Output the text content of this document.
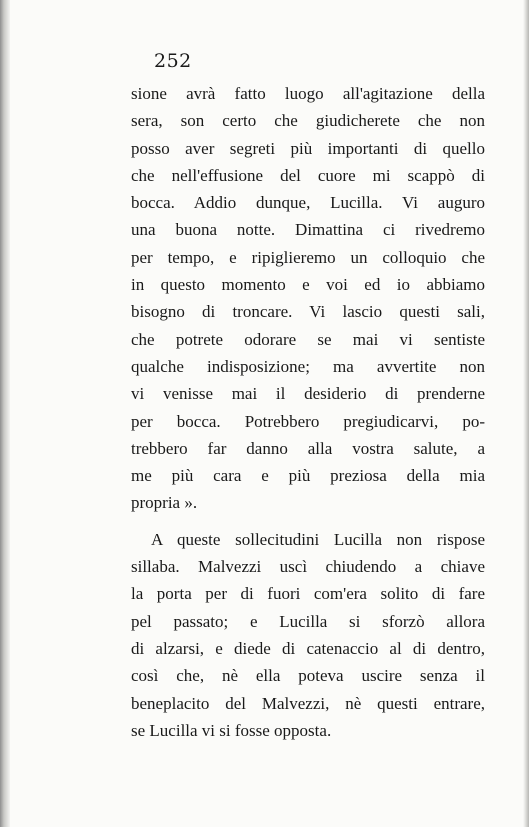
252
sione avrà fatto luogo all'agitazione della
sera, son certo che giudicherete che non
posso aver segreti più importanti di quello
che nell'effusione del cuore mi scappò di
bocca. Addio dunque, Lucilla. Vi auguro
una buona notte. Dimattina ci rivedremo
per tempo, e ripiglieremo un colloquio che
in questo momento e voi ed io abbiamo
bisogno di troncare. Vi lascio questi sali,
che potrete odorare se mai vi sentiste
qualche indisposizione; ma avvertite non
vi venisse mai il desiderio di prenderne
per bocca. Potrebbero pregiudicarvi, po-
trebbero far danno alla vostra salute, a
me più cara e più preziosa della mia
propria ».
A queste sollecitudini Lucilla non rispose
sillaba. Malvezzi uscì chiudendo a chiave
la porta per di fuori com'era solito di fare
pel passato; e Lucilla si sforzò allora
di alzarsi, e diede di catenaccio al di dentro,
così che, nè ella poteva uscire senza il
beneplacito del Malvezzi, nè questi entrare,
se Lucilla vi si fosse opposta.
